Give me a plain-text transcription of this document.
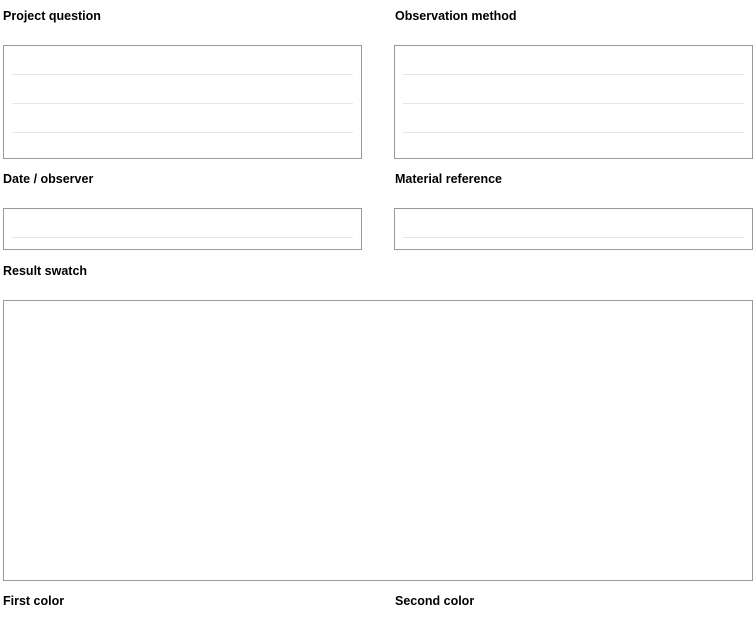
Project question	Observation method
Date / observer	Material reference
Result swatch
First color	Second color
